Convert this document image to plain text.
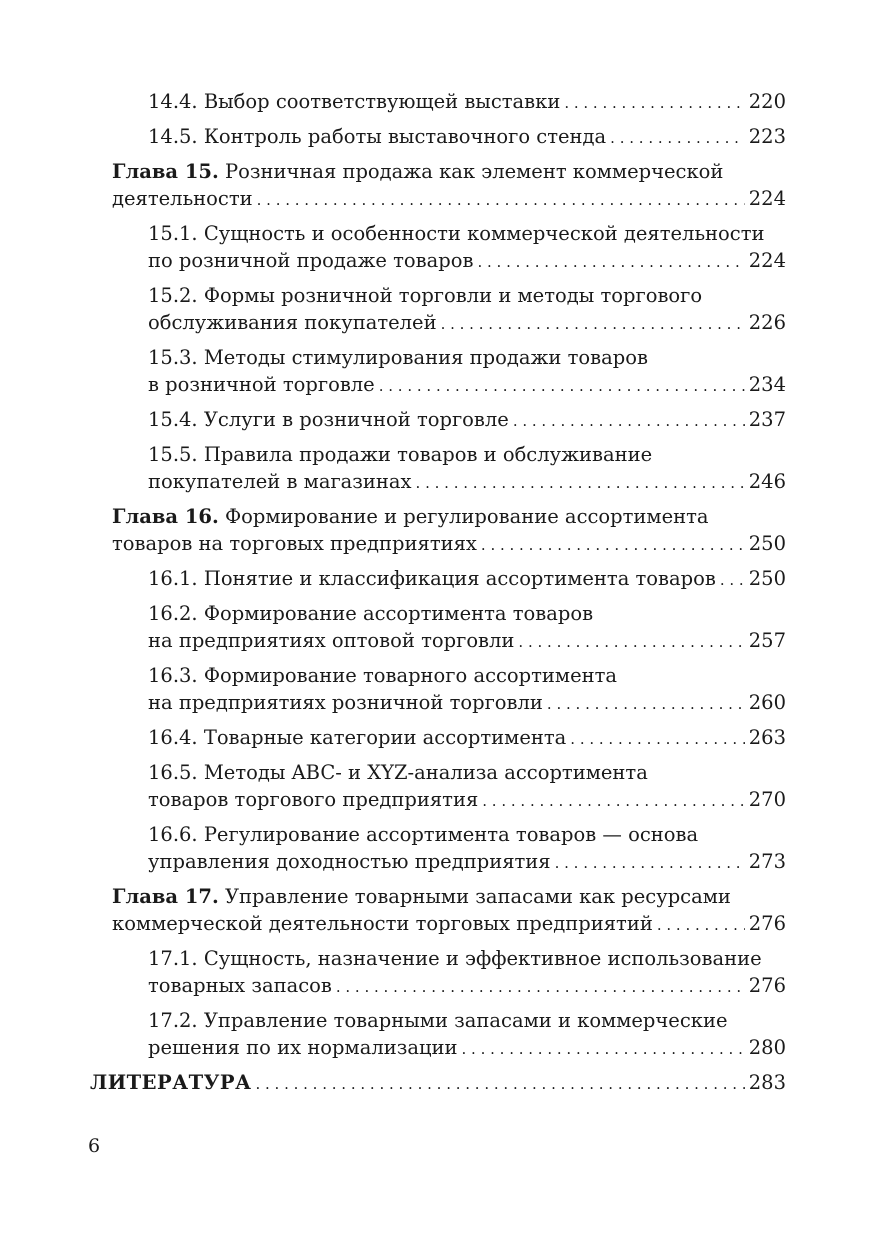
14.4. Выбор соответствующей выставки . . .	220
14.5. Контроль работы выставочного стенда . . .	223
Глава 15. Розничная продажа как элемент коммерческой
деятельности . . .	224
15.1. Сущность и особенности коммерческой деятельности
по розничной продаже товаров . . .	224
15.2. Формы розничной торговли и методы торгового
обслуживания покупателей . . .	226
15.3. Методы стимулирования продажи товаров
в розничной торговле . . .	234
15.4. Услуги в розничной торговле . . .	237
15.5. Правила продажи товаров и обслуживание
покупателей в магазинах . . .	246
Глава 16. Формирование и регулирование ассортимента
товаров на торговых предприятиях . . .	250
16.1. Понятие и классификация ассортимента товаров . . . 250
16.2. Формирование ассортимента товаров
на предприятиях оптовой торговли . . .	257
16.3. Формирование товарного ассортимента
на предприятиях розничной торговли . . .	260
16.4. Товарные категории ассортимента . . .	263
16.5. Методы ABC- и XYZ-анализа ассортимента
товаров торгового предприятия . . .	270
16.6. Регулирование ассортимента товаров — основа
управления доходностью предприятия . . .	273
Глава 17. Управление товарными запасами как ресурсами
коммерческой деятельности торговых предприятий . . .	276
17.1. Сущность, назначение и эффективное использование
товарных запасов . . .	276
17.2. Управление товарными запасами и коммерческие
решения по их нормализации . . .	280
ЛИТЕРАТУРА . . .	283
6
